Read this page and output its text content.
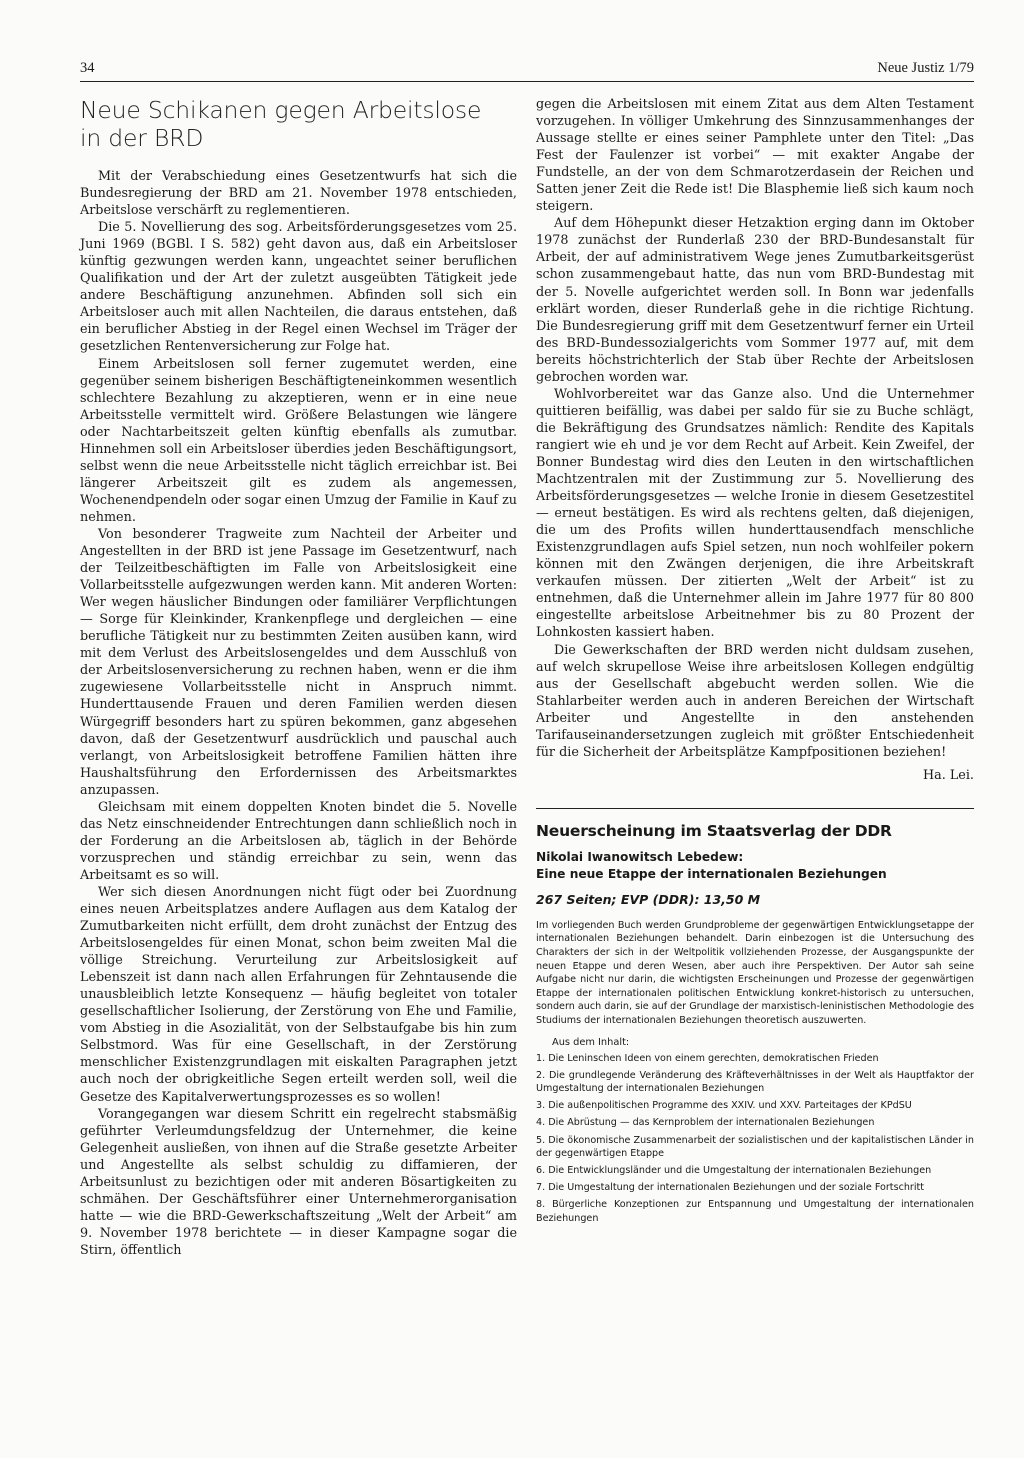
34	Neue Justiz 1/79
Neue Schikanen gegen Arbeitslose
in der BRD

Mit der Verabschiedung eines Gesetzentwurfs hat sich die Bundesregierung der BRD am 21. November 1978 entschieden, Arbeitslose verschärft zu reglementieren.

Die 5. Novellierung des sog. Arbeitsförderungsgesetzes vom 25. Juni 1969 (BGBl. I S. 582) geht davon aus, daß ein Arbeitsloser künftig gezwungen werden kann, ungeachtet seiner beruflichen Qualifikation und der Art der zuletzt ausgeübten Tätigkeit jede andere Beschäftigung anzunehmen. Abfinden soll sich ein Arbeitsloser auch mit allen Nachteilen, die daraus entstehen, daß ein beruflicher Abstieg in der Regel einen Wechsel im Träger der gesetzlichen Rentenversicherung zur Folge hat.

Einem Arbeitslosen soll ferner zugemutet werden, eine gegenüber seinem bisherigen Beschäftigteneinkommen wesentlich schlechtere Bezahlung zu akzeptieren, wenn er in eine neue Arbeitsstelle vermittelt wird. Größere Belastungen wie längere oder Nachtarbeitszeit gelten künftig ebenfalls als zumutbar. Hinnehmen soll ein Arbeitsloser überdies jeden Beschäftigungsort, selbst wenn die neue Arbeitsstelle nicht täglich erreichbar ist. Bei längerer Arbeitszeit gilt es zudem als angemessen, Wochenendpendeln oder sogar einen Umzug der Familie in Kauf zu nehmen.

Von besonderer Tragweite zum Nachteil der Arbeiter und Angestellten in der BRD ist jene Passage im Gesetzentwurf, nach der Teilzeitbeschäftigten im Falle von Arbeitslosigkeit eine Vollarbeitsstelle aufgezwungen werden kann. Mit anderen Worten: Wer wegen häuslicher Bindungen oder familiärer Verpflichtungen — Sorge für Kleinkinder, Krankenpflege und dergleichen — eine berufliche Tätigkeit nur zu bestimmten Zeiten ausüben kann, wird mit dem Verlust des Arbeitslosengeldes und dem Ausschluß von der Arbeitslosenversicherung zu rechnen haben, wenn er die ihm zugewiesene Vollarbeitsstelle nicht in Anspruch nimmt. Hunderttausende Frauen und deren Familien werden diesen Würgegriff besonders hart zu spüren bekommen, ganz abgesehen davon, daß der Gesetzentwurf ausdrücklich und pauschal auch verlangt, von Arbeitslosigkeit betroffene Familien hätten ihre Haushaltsführung den Erfordernissen des Arbeitsmarktes anzupassen.

Gleichsam mit einem doppelten Knoten bindet die 5. Novelle das Netz einschneidender Entrechtungen dann schließlich noch in der Forderung an die Arbeitslosen ab, täglich in der Behörde vorzusprechen und ständig erreichbar zu sein, wenn das Arbeitsamt es so will.

Wer sich diesen Anordnungen nicht fügt oder bei Zuordnung eines neuen Arbeitsplatzes andere Auflagen aus dem Katalog der Zumutbarkeiten nicht erfüllt, dem droht zunächst der Entzug des Arbeitslosengeldes für einen Monat, schon beim zweiten Mal die völlige Streichung. Verurteilung zur Arbeitslosigkeit auf Lebenszeit ist dann nach allen Erfahrungen für Zehntausende die unausbleiblich letzte Konsequenz — häufig begleitet von totaler gesellschaftlicher Isolierung, der Zerstörung von Ehe und Familie, vom Abstieg in die Asozialität, von der Selbstaufgabe bis hin zum Selbstmord. Was für eine Gesellschaft, in der Zerstörung menschlicher Existenzgrundlagen mit eiskalten Paragraphen jetzt auch noch der obrigkeitliche Segen erteilt werden soll, weil die Gesetze des Kapitalverwertungsprozesses es so wollen!

Vorangegangen war diesem Schritt ein regelrecht stabsmäßig geführter Verleumdungsfeldzug der Unternehmer, die keine Gelegenheit ausließen, von ihnen auf die Straße gesetzte Arbeiter und Angestellte als selbst schuldig zu diffamieren, der Arbeitsunlust zu bezichtigen oder mit anderen Bösartigkeiten zu schmähen. Der Geschäftsführer einer Unternehmerorganisation hatte — wie die BRD-Gewerkschaftszeitung „Welt der Arbeit“ am 9. November 1978 berichtete — in dieser Kampagne sogar die Stirn, öffentlich

gegen die Arbeitslosen mit einem Zitat aus dem Alten Testament vorzugehen. In völliger Umkehrung des Sinnzusammenhanges der Aussage stellte er eines seiner Pamphlete unter den Titel: „Das Fest der Faulenzer ist vorbei“ — mit exakter Angabe der Fundstelle, an der von dem Schmarotzerdasein der Reichen und Satten jener Zeit die Rede ist! Die Blasphemie ließ sich kaum noch steigern.

Auf dem Höhepunkt dieser Hetzaktion erging dann im Oktober 1978 zunächst der Runderlaß 230 der BRD-Bundesanstalt für Arbeit, der auf administrativem Wege jenes Zumutbarkeitsgerüst schon zusammengebaut hatte, das nun vom BRD-Bundestag mit der 5. Novelle aufgerichtet werden soll. In Bonn war jedenfalls erklärt worden, dieser Runderlaß gehe in die richtige Richtung. Die Bundesregierung griff mit dem Gesetzentwurf ferner ein Urteil des BRD-Bundessozialgerichts vom Sommer 1977 auf, mit dem bereits höchstrichterlich der Stab über Rechte der Arbeitslosen gebrochen worden war.

Wohlvorbereitet war das Ganze also. Und die Unternehmer quittieren beifällig, was dabei per saldo für sie zu Buche schlägt, die Bekräftigung des Grundsatzes nämlich: Rendite des Kapitals rangiert wie eh und je vor dem Recht auf Arbeit. Kein Zweifel, der Bonner Bundestag wird dies den Leuten in den wirtschaftlichen Machtzentralen mit der Zustimmung zur 5. Novellierung des Arbeitsförderungsgesetzes — welche Ironie in diesem Gesetzestitel — erneut bestätigen. Es wird als rechtens gelten, daß diejenigen, die um des Profits willen hunderttausendfach menschliche Existenzgrundlagen aufs Spiel setzen, nun noch wohlfeiler pokern können mit den Zwängen derjenigen, die ihre Arbeitskraft verkaufen müssen. Der zitierten „Welt der Arbeit“ ist zu entnehmen, daß die Unternehmer allein im Jahre 1977 für 80 800 eingestellte arbeitslose Arbeitnehmer bis zu 80 Prozent der Lohnkosten kassiert haben.

Die Gewerkschaften der BRD werden nicht duldsam zusehen, auf welch skrupellose Weise ihre arbeitslosen Kollegen endgültig aus der Gesellschaft abgebucht werden sollen. Wie die Stahlarbeiter werden auch in anderen Bereichen der Wirtschaft Arbeiter und Angestellte in den anstehenden Tarifauseinandersetzungen zugleich mit größter Entschiedenheit für die Sicherheit der Arbeitsplätze Kampfpositionen beziehen!

Ha. Lei.
Neuerscheinung im Staatsverlag der DDR
Nikolai Iwanowitsch Lebedew:
Eine neue Etappe der internationalen Beziehungen
267 Seiten; EVP (DDR): 13,50 M

Im vorliegenden Buch werden Grundprobleme der gegenwärtigen Entwicklungsetappe der internationalen Beziehungen behandelt. Darin einbezogen ist die Untersuchung des Charakters der sich in der Weltpolitik vollziehenden Prozesse, der Ausgangspunkte der neuen Etappe und deren Wesen, aber auch ihre Perspektiven. Der Autor sah seine Aufgabe nicht nur darin, die wichtigsten Erscheinungen und Prozesse der gegenwärtigen Etappe der internationalen politischen Entwicklung konkret-historisch zu untersuchen, sondern auch darin, sie auf der Grundlage der marxistisch-leninistischen Methodologie des Studiums der internationalen Beziehungen theoretisch auszuwerten.

Aus dem Inhalt:
1. Die Leninschen Ideen von einem gerechten, demokratischen Frieden
2. Die grundlegende Veränderung des Kräfteverhältnisses in der Welt als Hauptfaktor der Umgestaltung der internationalen Beziehungen
3. Die außenpolitischen Programme des XXIV. und XXV. Parteitages der KPdSU
4. Die Abrüstung — das Kernproblem der internationalen Beziehungen
5. Die ökonomische Zusammenarbeit der sozialistischen und der kapitalistischen Länder in der gegenwärtigen Etappe
6. Die Entwicklungsländer und die Umgestaltung der internationalen Beziehungen
7. Die Umgestaltung der internationalen Beziehungen und der soziale Fortschritt
8. Bürgerliche Konzeptionen zur Entspannung und Umgestaltung der internationalen Beziehungen
